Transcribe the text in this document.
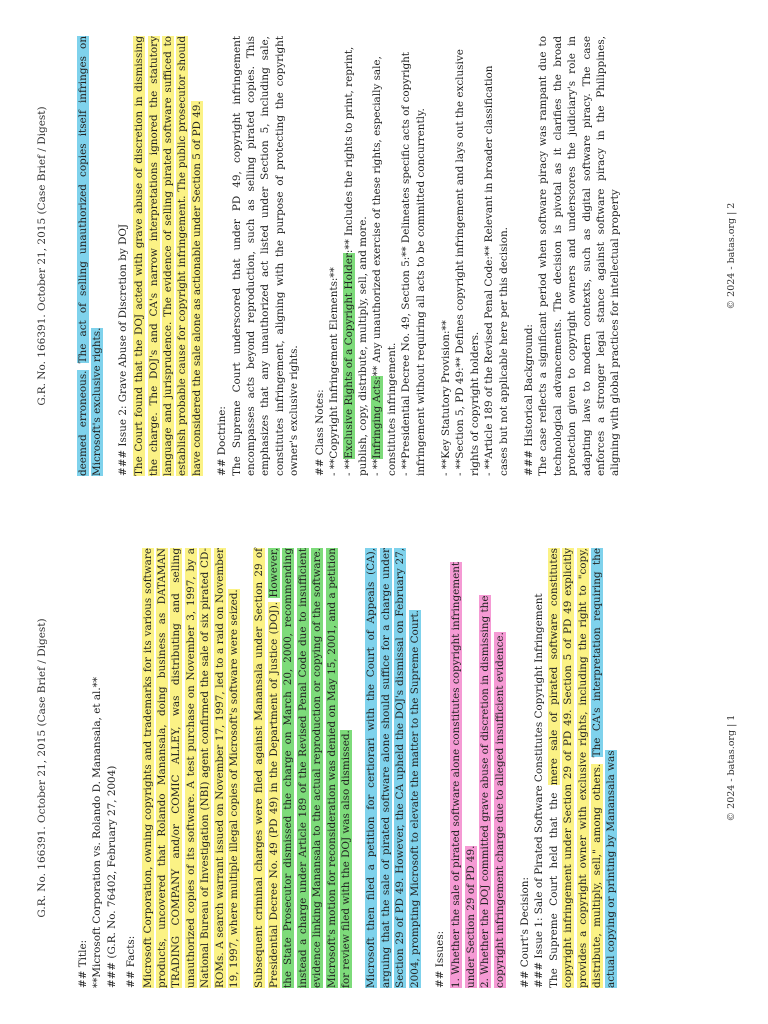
G.R. No. 166391. October 21, 2015 (Case Brief / Digest)

## Title: **Microsoft Corporation vs. Rolando D. Manansala, et al.** ### (G.R. No. 76402, February 27, 2004) ## Facts: Microsoft Corporation, owning copyrights and trademarks for its various software products, uncovered that Rolando Manansala, doing business as DATAMAN TRADING COMPANY and/or COMIC ALLEY, was distributing and selling unauthorized copies of its software. A test purchase on November 3, 1997, by a National Bureau of Investigation (NBI) agent confirmed the sale of six pirated CD-ROMs. A search warrant issued on November 17, 1997, led to a raid on November 19, 1997, where multiple illegal copies of Microsoft's software were seized. Subsequent criminal charges were filed against Manansala under Section 29 of Presidential Decree No. 49 (PD 49) in the Department of Justice (DOJ). However, the State Prosecutor dismissed the charge on March 20, 2000, recommending instead a charge under Article 189 of the Revised Penal Code due to insufficient evidence linking Manansala to the actual reproduction or copying of the software. Microsoft's motion for reconsideration was denied on May 15, 2001, and a petition for review filed with the DOJ was also dismissed. Microsoft then filed a petition for certiorari with the Court of Appeals (CA), arguing that the sale of pirated software alone should suffice for a charge under Section 29 of PD 49. However, the CA upheld the DOJ's dismissal on February 27, 2004, prompting Microsoft to elevate the matter to the Supreme Court. ## Issues: 1. Whether the sale of pirated software alone constitutes copyright infringement under Section 29 of PD 49. 2. Whether the DOJ committed grave abuse of discretion in dismissing the copyright infringement charge due to alleged insufficient evidence. ## Court's Decision: ### Issue 1: Sale of Pirated Software Constitutes Copyright Infringement The Supreme Court held that the mere sale of pirated software constitutes copyright infringement under Section 29 of PD 49. Section 5 of PD 49 explicitly provides a copyright owner with exclusive rights, including the right to "copy, distribute, multiply, sell," among others. The CA's interpretation requiring the actual copying or printing by Manansala was	© 2024 - batas.org | 1
G.R. No. 166391. October 21, 2015 (Case Brief / Digest)

deemed erroneous. The act of selling unauthorized copies itself infringes on Microsoft's exclusive rights. ### Issue 2: Grave Abuse of Discretion by DOJ The Court found that the DOJ acted with grave abuse of discretion in dismissing the charge. The DOJ's and CA's narrow interpretations ignored the statutory language and jurisprudence. The evidence of selling pirated software sufficed to establish probable cause for copyright infringement. The public prosecutor should have considered the sale alone as actionable under Section 5 of PD 49. ## Doctrine: The Supreme Court underscored that under PD 49, copyright infringement encompasses acts beyond reproduction, such as selling pirated copies. This emphasizes that any unauthorized act listed under Section 5, including sale, constitutes infringement, aligning with the purpose of protecting the copyright owner's exclusive rights. ## Class Notes: - **Copyright Infringement Elements:** - **Exclusive Rights of a Copyright Holder:** Includes the rights to print, reprint, publish, copy, distribute, multiply, sell, and more. - **Infringing Acts:** Any unauthorized exercise of these rights, especially sale, constitutes infringement. - **Presidential Decree No. 49, Section 5:** Delineates specific acts of copyright infringement without requiring all acts to be committed concurrently. - **Key Statutory Provision:** - **Section 5, PD 49:** Defines copyright infringement and lays out the exclusive rights of copyright holders. - **Article 189 of the Revised Penal Code:** Relevant in broader classification cases but not applicable here per this decision. ### Historical Background: The case reflects a significant period when software piracy was rampant due to technological advancements. The decision is pivotal as it clarifies the broad protection given to copyright owners and underscores the judiciary's role in adapting laws to modern contexts, such as digital software piracy. The case enforces a stronger legal stance against software piracy in the Philippines, aligning with global practices for intellectual property	© 2024 - batas.org | 2
